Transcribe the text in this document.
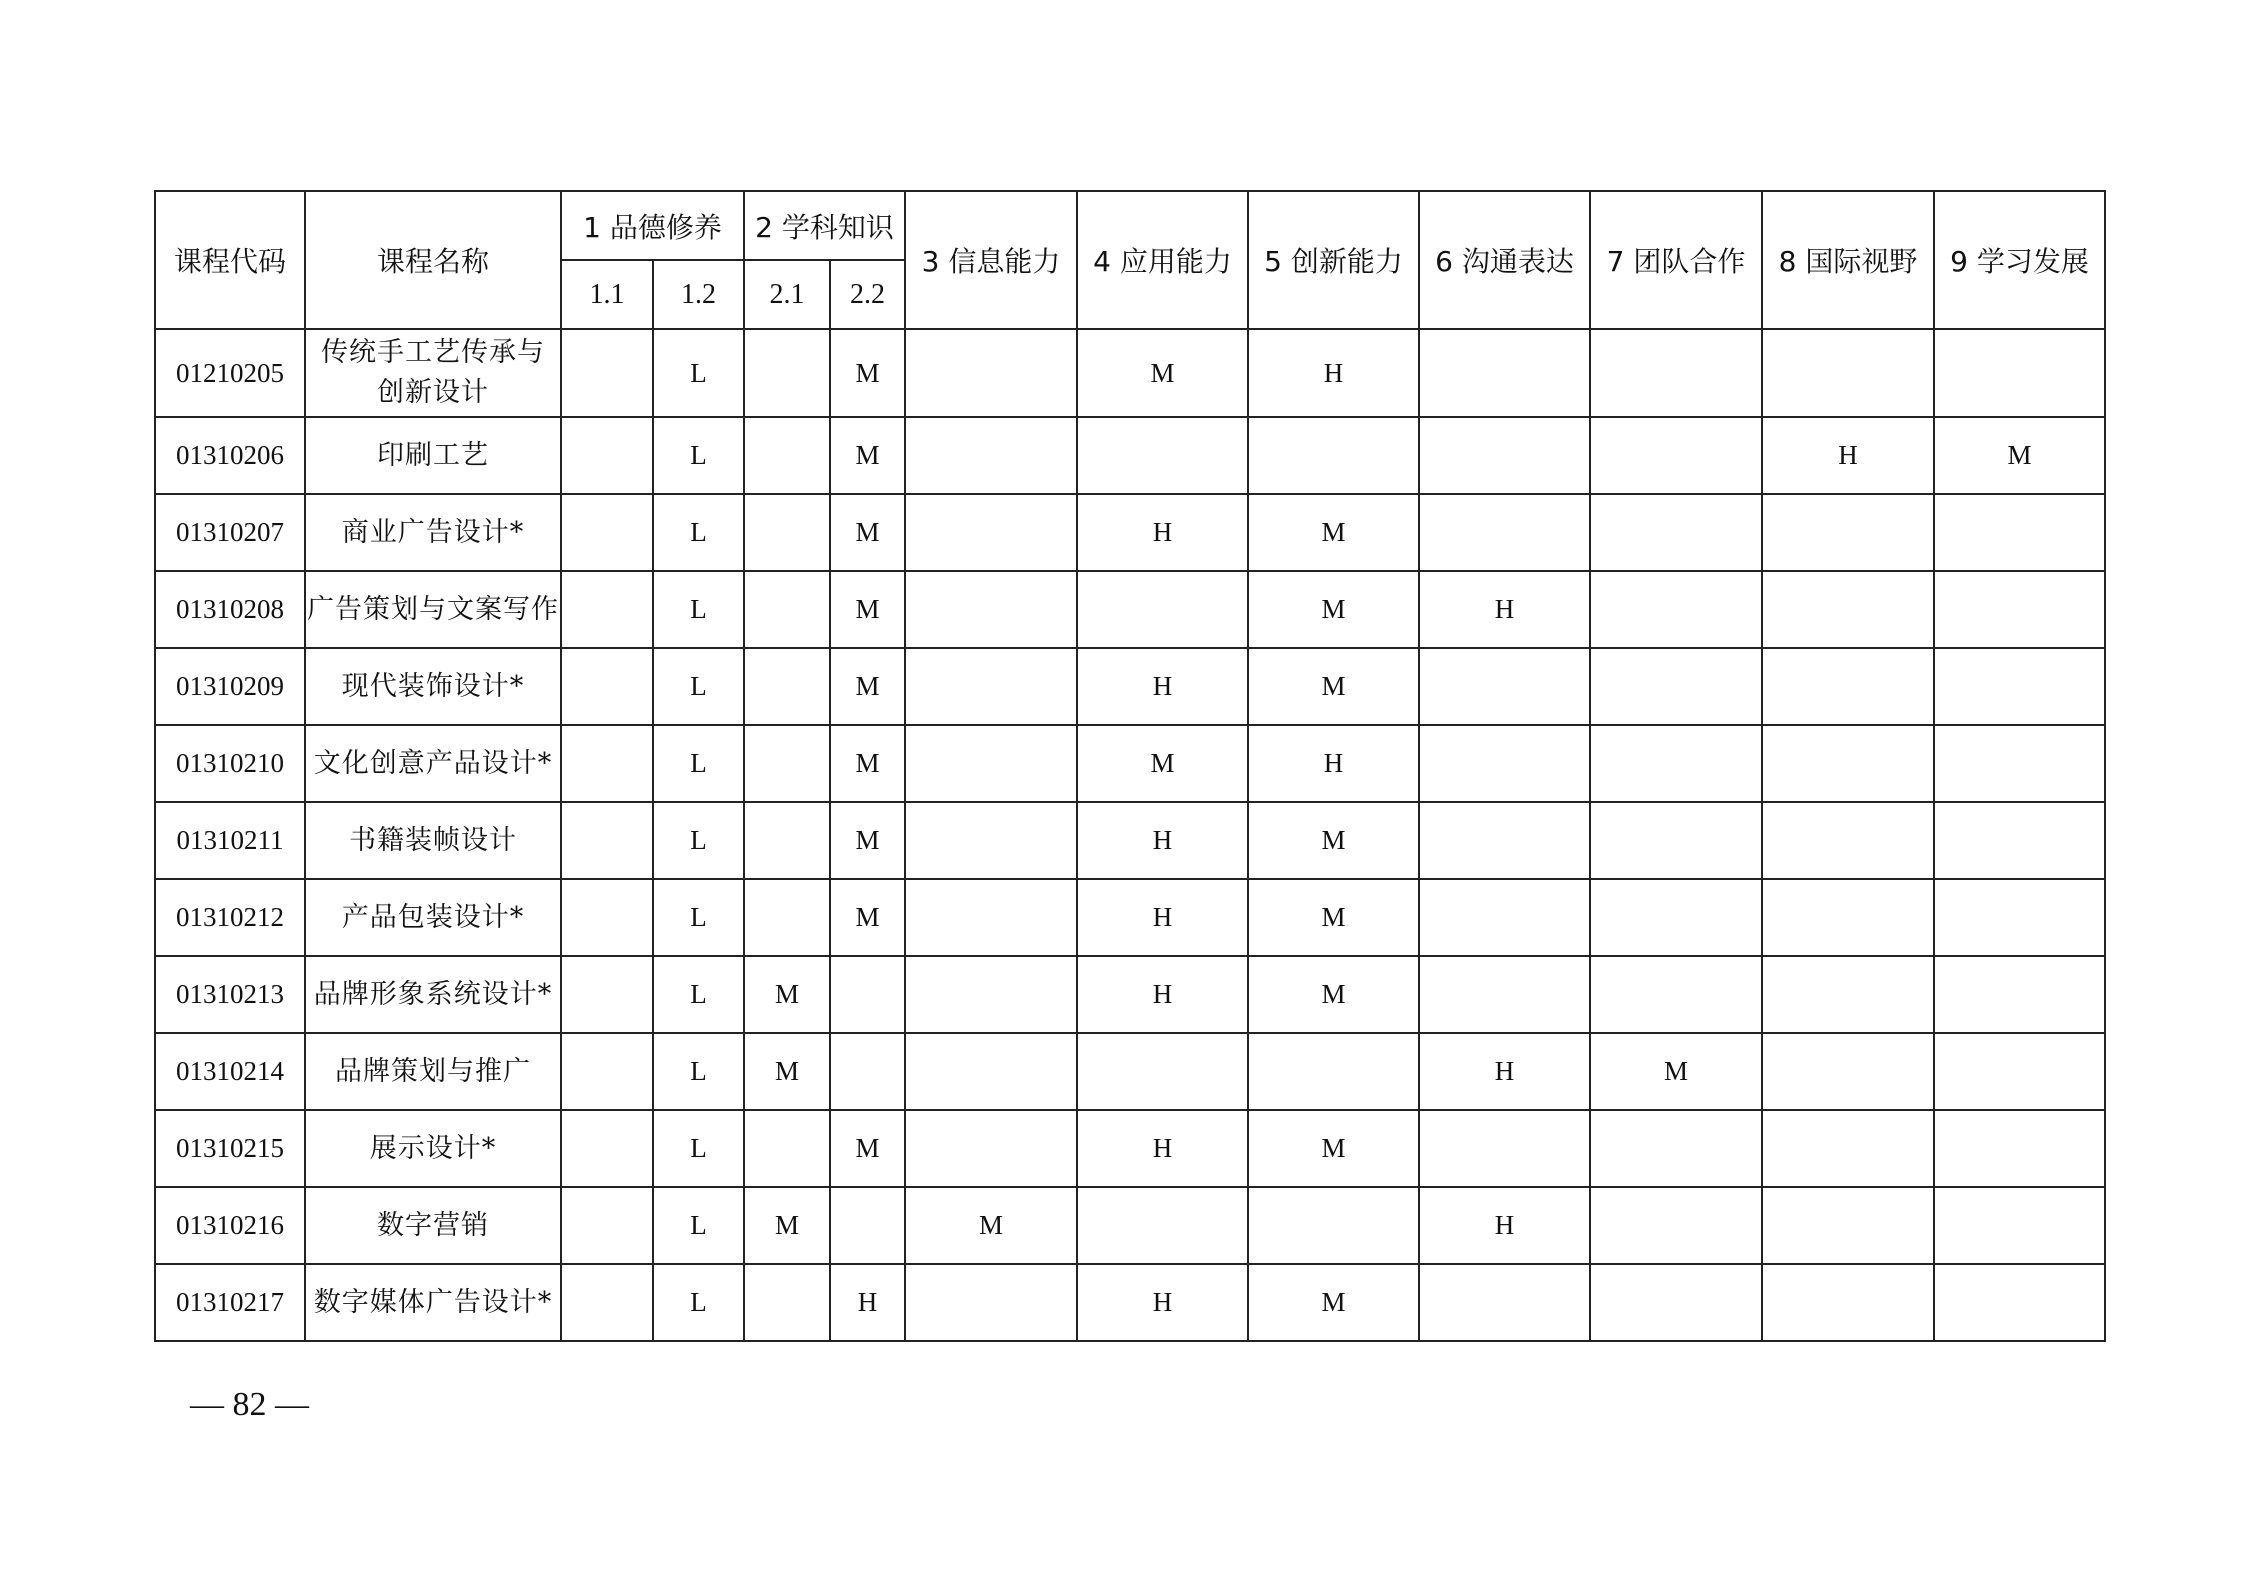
课程代码	课程名称	1 品德修养		2 学科知识		3 信息能力	4 应用能力	5 创新能力	6 沟通表达	7 团队合作	8 国际视野	9 学习发展
		1.1	1.2	2.1	2.2							
01210205	传统手工艺传承与创新设计		L		M		M	H				
01310206	印刷工艺		L		M						H	M
01310207	商业广告设计*		L		M		H	M				
01310208	广告策划与文案写作		L		M			M	H			
01310209	现代装饰设计*		L		M		H	M				
01310210	文化创意产品设计*		L		M		M	H				
01310211	书籍装帧设计		L		M		H	M				
01310212	产品包装设计*		L		M		H	M				
01310213	品牌形象系统设计*		L	M			H	M				
01310214	品牌策划与推广		L	M					H	M		
01310215	展示设计*		L		M		H	M				
01310216	数字营销		L	M		M			H			
01310217	数字媒体广告设计*		L		H		H	M				
— 82 —
